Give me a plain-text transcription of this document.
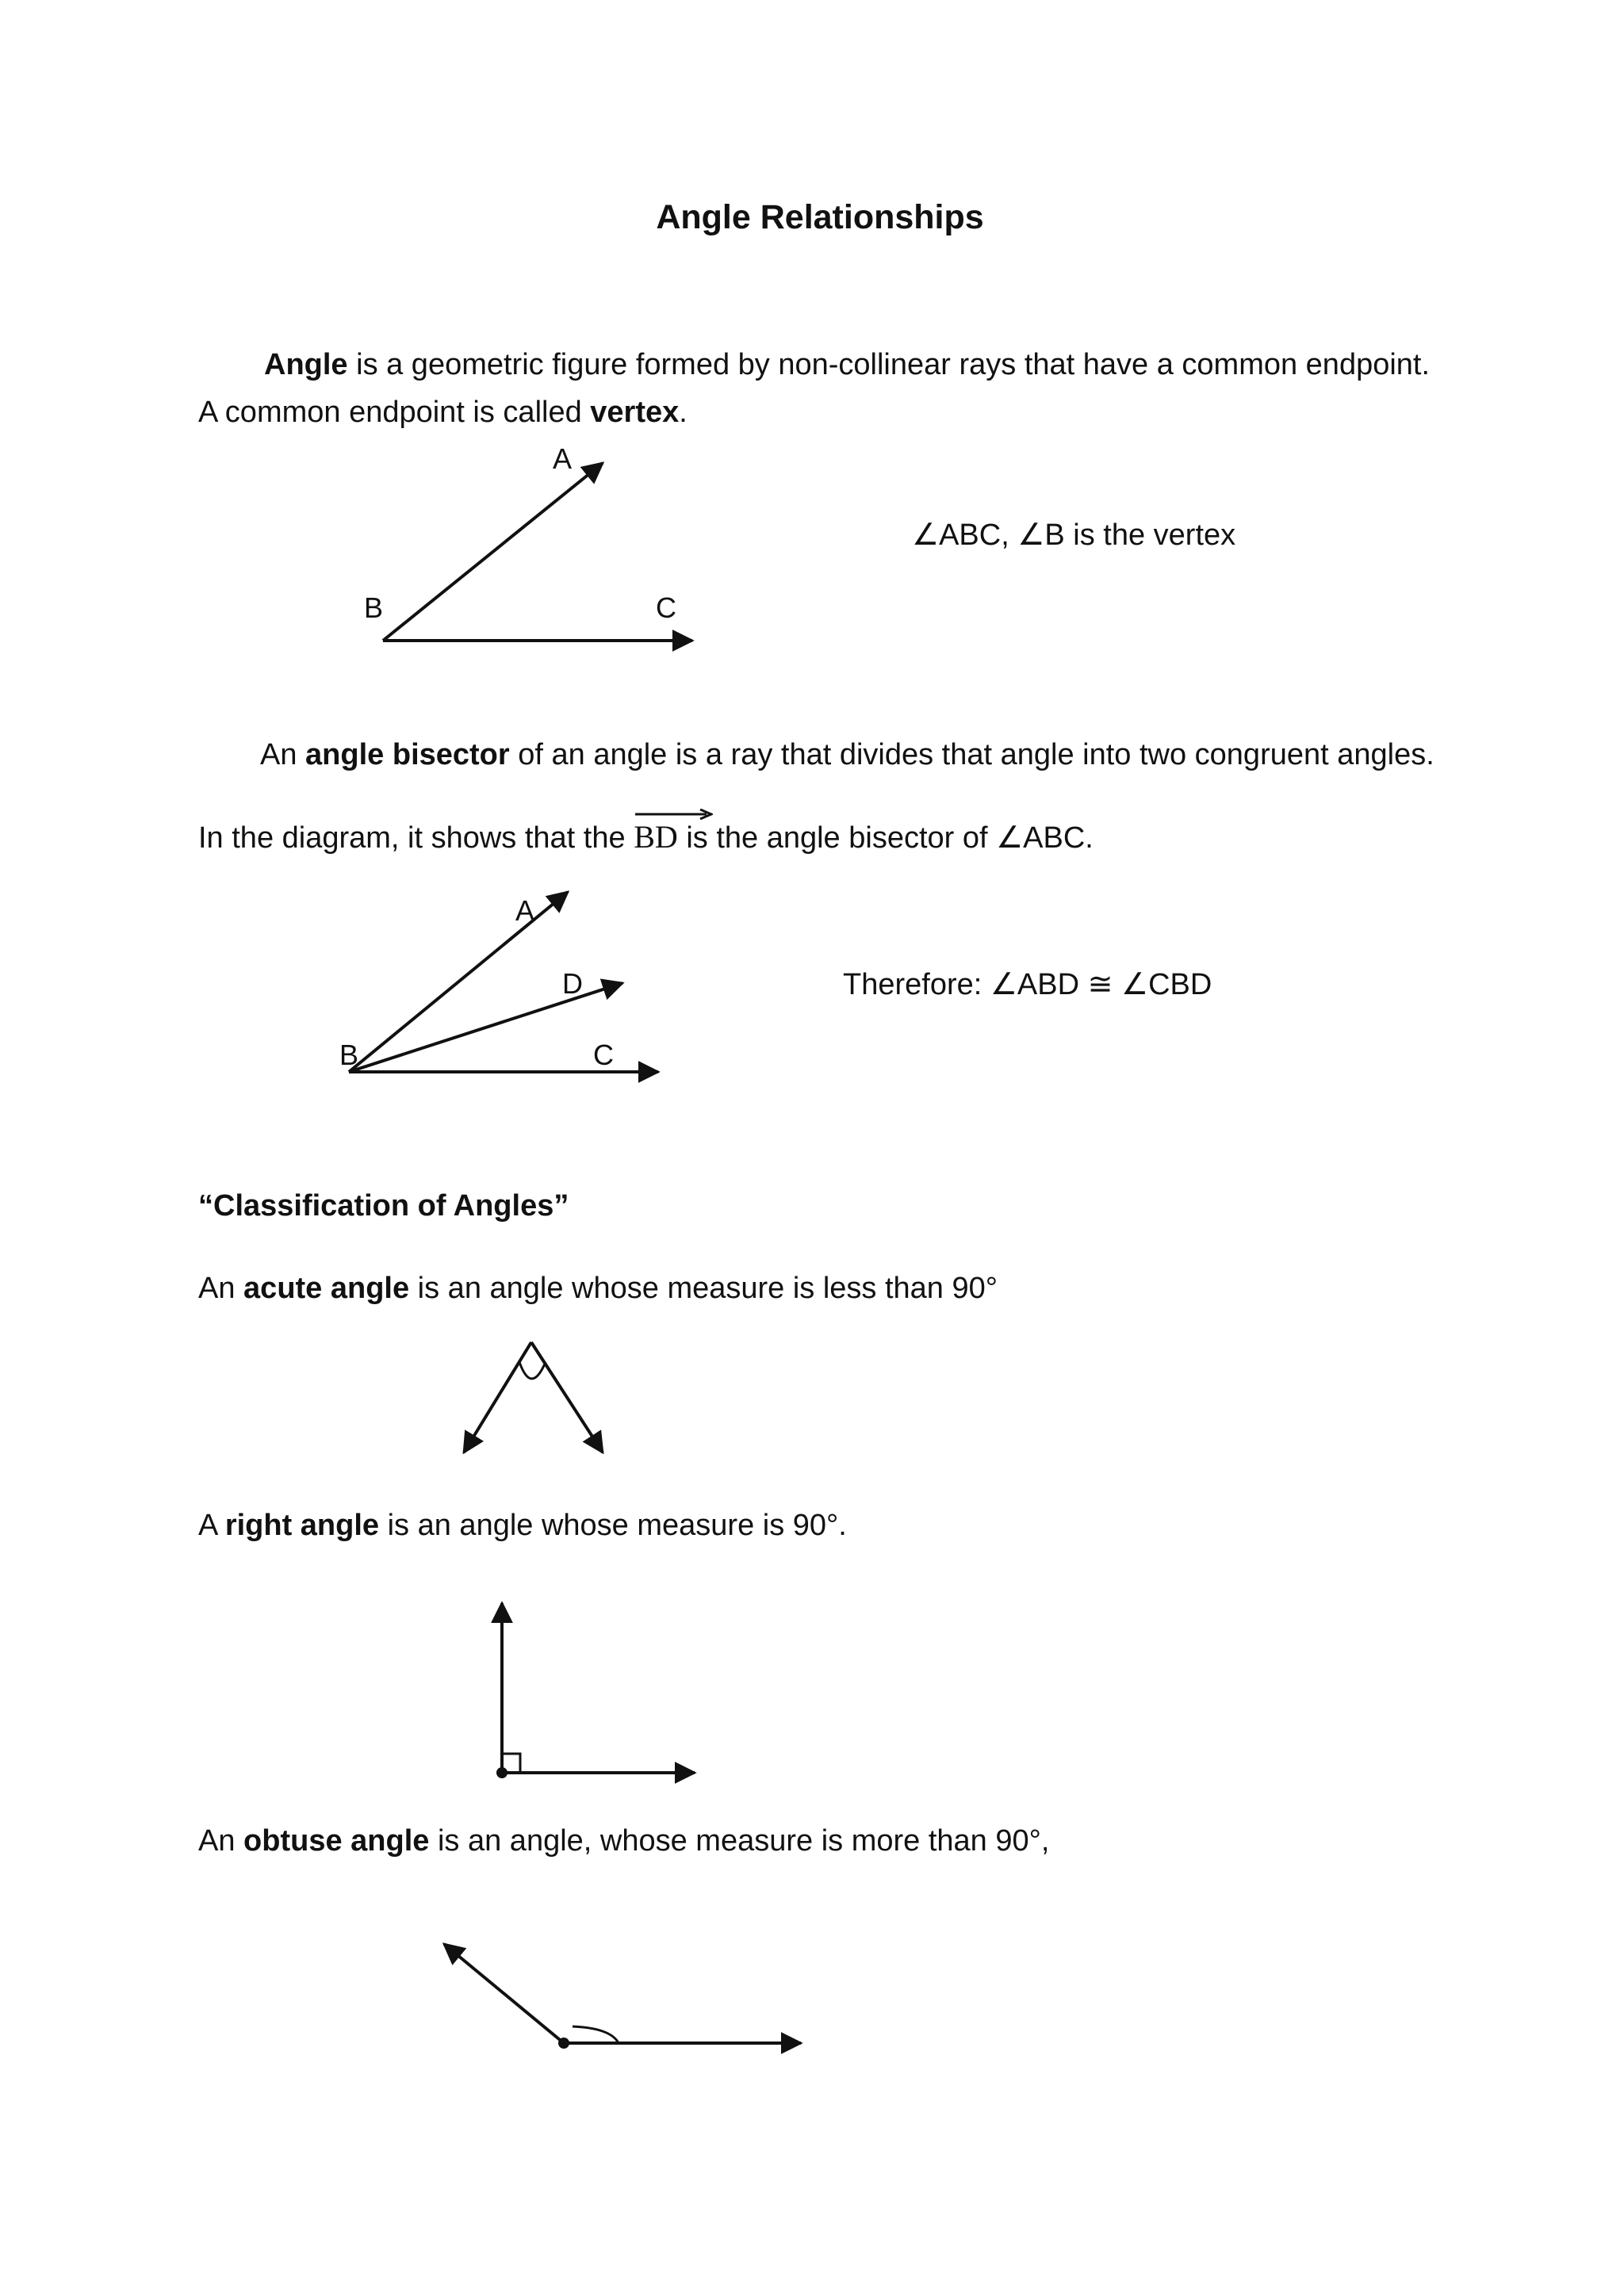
Angle Relationships
Angle is a geometric figure formed by non-collinear rays that have a common endpoint.
A common endpoint is called vertex.
A
B	C
∠ABC, ∠B is the vertex
An angle bisector of an angle is a ray that divides that angle into two congruent angles.
In the diagram, it shows that the
BD is the angle bisector of ∠ABC.
A
D
B	C
Therefore: ∠ABD ≅ ∠CBD
“Classification of Angles”
An acute angle is an angle whose measure is less than 90°
A right angle is an angle whose measure is 90°.
An obtuse angle is an angle, whose measure is more than 90°,
